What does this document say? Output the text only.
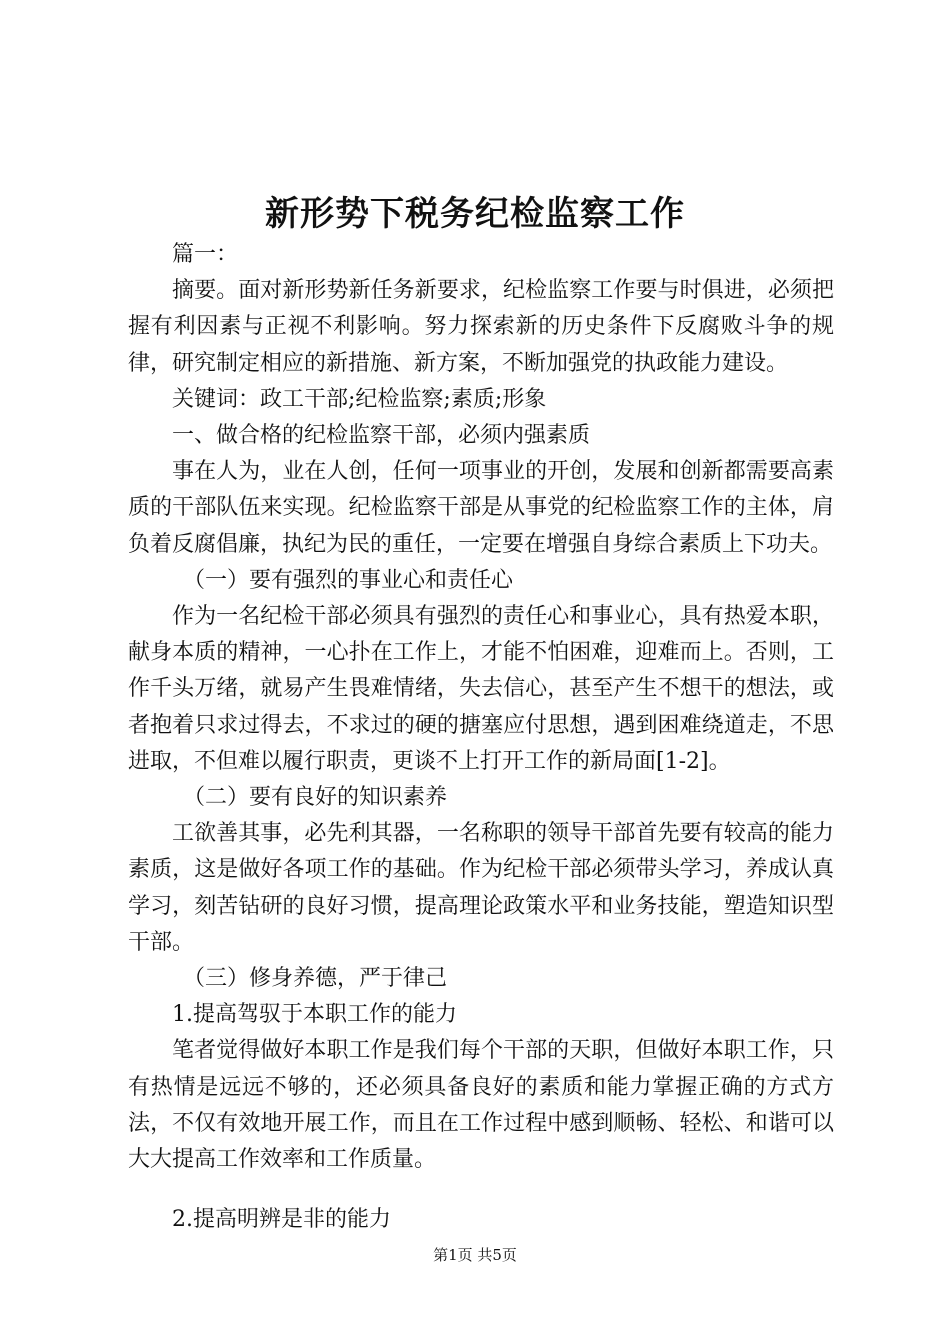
新形势下税务纪检监察工作

篇一：

摘要。面对新形势新任务新要求，纪检监察工作要与时俱进，必须把握有利因素与正视不利影响。努力探索新的历史条件下反腐败斗争的规律，研究制定相应的新措施、新方案，不断加强党的执政能力建设。

关键词：政工干部;纪检监察;素质;形象

一、做合格的纪检监察干部，必须内强素质

事在人为，业在人创，任何一项事业的开创，发展和创新都需要高素质的干部队伍来实现。纪检监察干部是从事党的纪检监察工作的主体，肩负着反腐倡廉，执纪为民的重任，一定要在增强自身综合素质上下功夫。

（一）要有强烈的事业心和责任心

作为一名纪检干部必须具有强烈的责任心和事业心，具有热爱本职，献身本质的精神，一心扑在工作上，才能不怕困难，迎难而上。否则，工作千头万绪，就易产生畏难情绪，失去信心，甚至产生不想干的想法，或者抱着只求过得去，不求过的硬的搪塞应付思想，遇到困难绕道走，不思进取，不但难以履行职责，更谈不上打开工作的新局面[1-2]。

（二）要有良好的知识素养

工欲善其事，必先利其器，一名称职的领导干部首先要有较高的能力素质，这是做好各项工作的基础。作为纪检干部必须带头学习，养成认真学习，刻苦钻研的良好习惯，提高理论政策水平和业务技能，塑造知识型干部。

（三）修身养德，严于律己

1.提高驾驭于本职工作的能力

笔者觉得做好本职工作是我们每个干部的天职，但做好本职工作，只有热情是远远不够的，还必须具备良好的素质和能力掌握正确的方式方法，不仅有效地开展工作，而且在工作过程中感到顺畅、轻松、和谐可以大大提高工作效率和工作质量。

2.提高明辨是非的能力

第1页 共5页
